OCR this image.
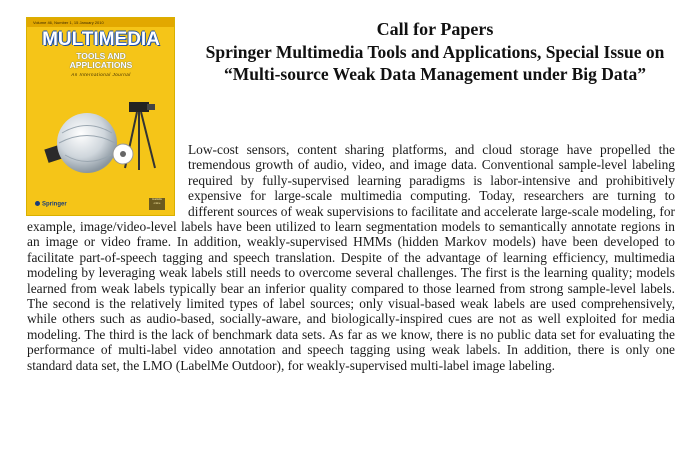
Volume 46, Number 1, 15 January 2010
MULTIMEDIA
TOOLS AND
APPLICATIONS
An International Journal
Springer
Available online
Call for Papers
Springer Multimedia Tools and Applications, Special Issue on “Multi-source Weak Data Management under Big Data”
Low-cost sensors, content sharing platforms, and cloud storage have propelled the tremendous growth of audio, video, and image data. Conventional sample-level labeling required by fully-supervised learning paradigms is labor-intensive and prohibitively expensive for large-scale multimedia computing. Today, researchers are turning to different sources of weak supervisions to facilitate and accelerate large-scale modeling, for example, image/video-level labels have been utilized to learn segmentation models to semantically annotate regions in an image or video frame. In addition, weakly-supervised HMMs (hidden Markov models) have been developed to facilitate part-of-speech tagging and speech translation. Despite of the advantage of learning efficiency, multimedia modeling by leveraging weak labels still needs to overcome several challenges. The first is the learning quality; models learned from weak labels typically bear an inferior quality compared to those learned from strong sample-level labels. The second is the relatively limited types of label sources; only visual-based weak labels are used comprehensively, while others such as audio-based, socially-aware, and biologically-inspired cues are not as well exploited for media modeling. The third is the lack of benchmark data sets. As far as we know, there is no public data set for evaluating the performance of multi-label video annotation and speech tagging using weak labels. In addition, there is only one standard data set, the LMO (LabelMe Outdoor), for weakly-supervised multi-label image labeling.
